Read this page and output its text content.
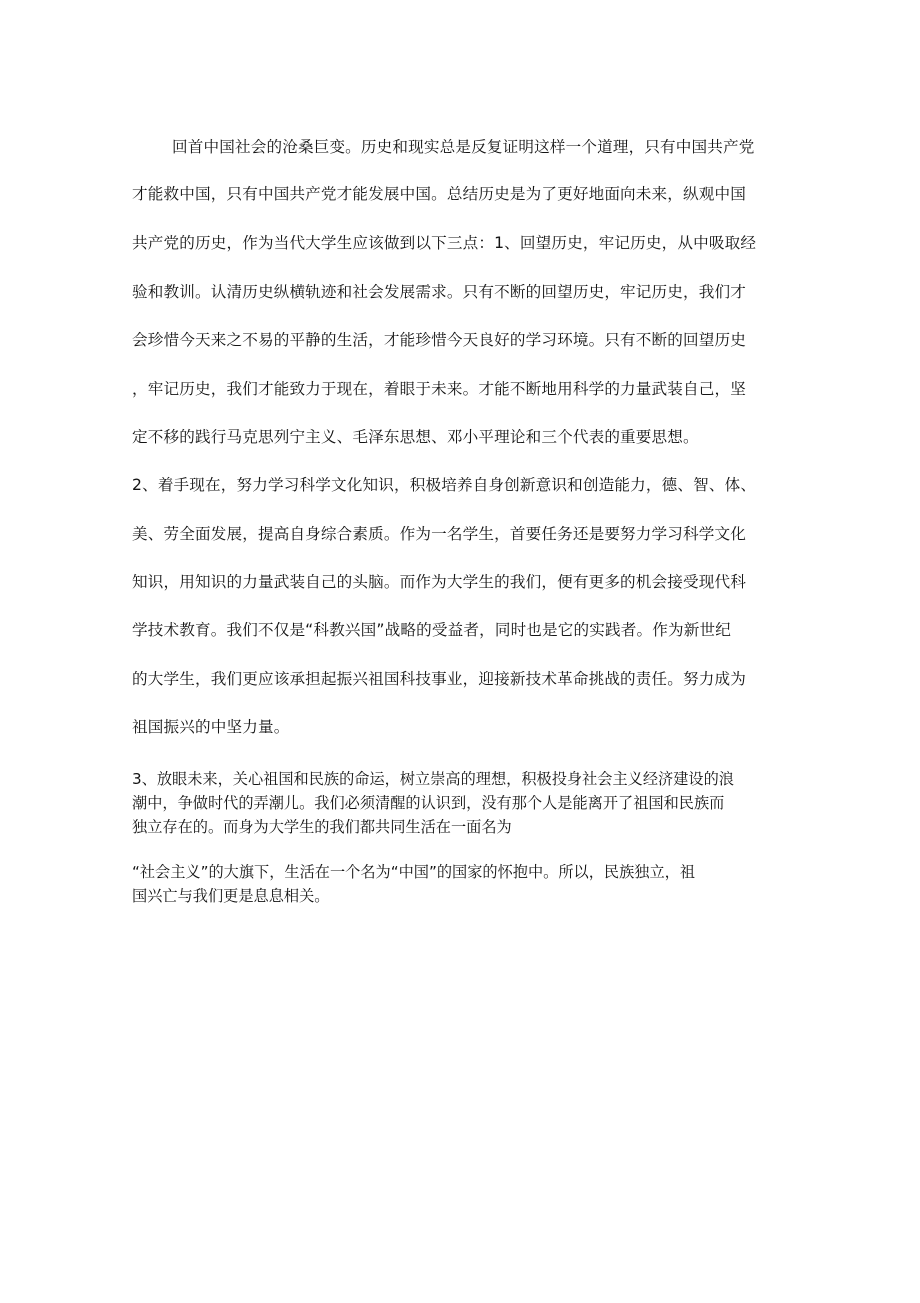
回首中国社会的沧桑巨变。历史和现实总是反复证明这样一个道理，只有中国共产党
才能救中国，只有中国共产党才能发展中国。总结历史是为了更好地面向未来，纵观中国
共产党的历史，作为当代大学生应该做到以下三点：1、回望历史，牢记历史，从中吸取经
验和教训。认清历史纵横轨迹和社会发展需求。只有不断的回望历史，牢记历史，我们才
会珍惜今天来之不易的平静的生活，才能珍惜今天良好的学习环境。只有不断的回望历史
，牢记历史，我们才能致力于现在，着眼于未来。才能不断地用科学的力量武装自己，坚
定不移的践行马克思列宁主义、毛泽东思想、邓小平理论和三个代表的重要思想。
2、着手现在，努力学习科学文化知识，积极培养自身创新意识和创造能力，德、智、体、
美、劳全面发展，提高自身综合素质。作为一名学生，首要任务还是要努力学习科学文化
知识，用知识的力量武装自己的头脑。而作为大学生的我们，便有更多的机会接受现代科
学技术教育。我们不仅是“科教兴国”战略的受益者，同时也是它的实践者。作为新世纪
的大学生，我们更应该承担起振兴祖国科技事业，迎接新技术革命挑战的责任。努力成为
祖国振兴的中坚力量。
3、放眼未来，关心祖国和民族的命运，树立崇高的理想，积极投身社会主义经济建设的浪
潮中，争做时代的弄潮儿。我们必须清醒的认识到，没有那个人是能离开了祖国和民族而
独立存在的。而身为大学生的我们都共同生活在一面名为
“社会主义”的大旗下，生活在一个名为“中国”的国家的怀抱中。所以，民族独立，祖
国兴亡与我们更是息息相关。
